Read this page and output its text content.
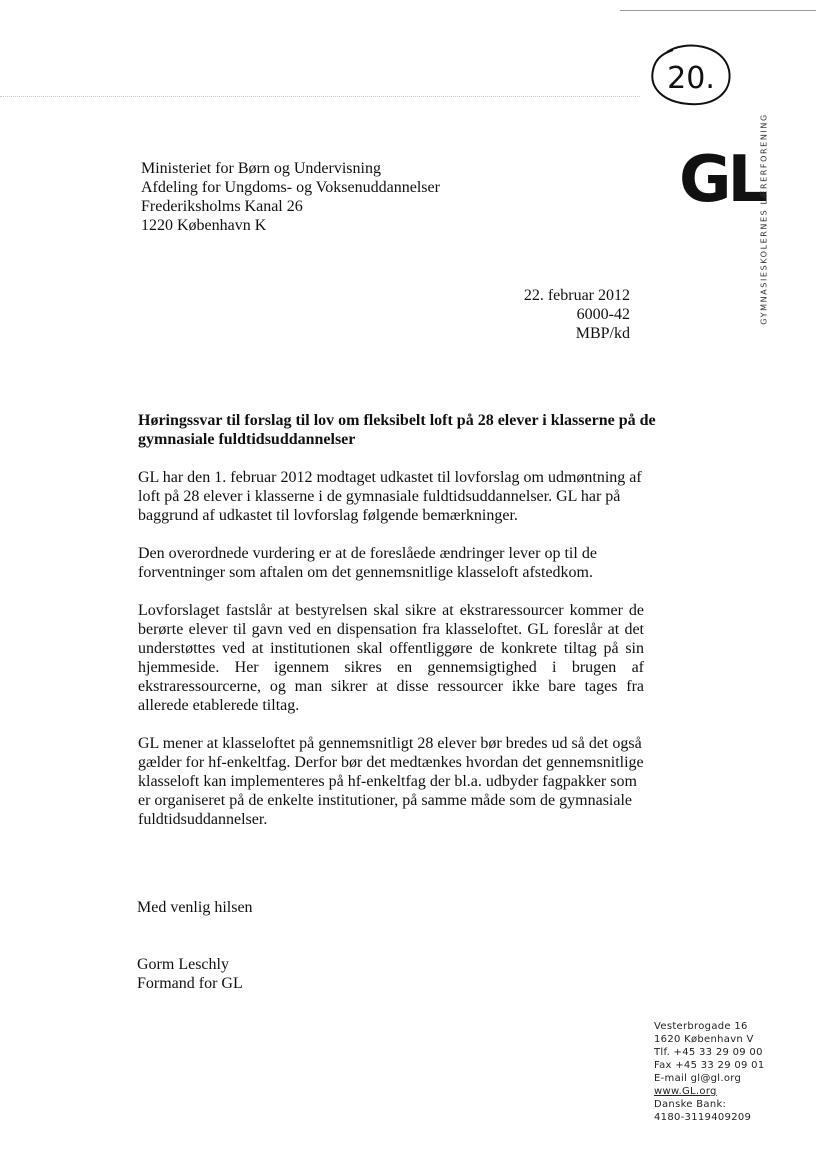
20.
GL
GYMNASIESKOLERNES LÆRERFORENING
Ministeriet for Børn og Undervisning
Afdeling for Ungdoms- og Voksenuddannelser
Frederiksholms Kanal 26
1220 København K
22. februar 2012
6000-42
MBP/kd
Høringssvar til forslag til lov om fleksibelt loft på 28 elever i klasserne på de gymnasiale fuldtidsuddannelser

GL har den 1. februar 2012 modtaget udkastet til lovforslag om udmøntning af loft på 28 elever i klasserne i de gymnasiale fuldtidsuddannelser. GL har på baggrund af udkastet til lovforslag følgende bemærkninger.

Den overordnede vurdering er at de foreslåede ændringer lever op til de forventninger som aftalen om det gennemsnitlige klasseloft afstedkom.

Lovforslaget fastslår at bestyrelsen skal sikre at ekstraressourcer kommer de berørte elever til gavn ved en dispensation fra klasseloftet. GL foreslår at det understøttes ved at institutionen skal offentliggøre de konkrete tiltag på sin hjemmeside. Her igennem sikres en gennemsigtighed i brugen af ekstraressourcerne, og man sikrer at disse ressourcer ikke bare tages fra allerede etablerede tiltag.

GL mener at klasseloftet på gennemsnitligt 28 elever bør bredes ud så det også gælder for hf-enkeltfag. Derfor bør det medtænkes hvordan det gennemsnitlige klasseloft kan implementeres på hf-enkeltfag der bl.a. udbyder fagpakker som er organiseret på de enkelte institutioner, på samme måde som de gymnasiale fuldtidsuddannelser.

Med venlig hilsen
Gorm Leschly
Formand for GL
Vesterbrogade 16
1620 København V
Tlf. +45 33 29 09 00
Fax +45 33 29 09 01
E-mail gl@gl.org
www.GL.org
Danske Bank:
4180-3119409209
